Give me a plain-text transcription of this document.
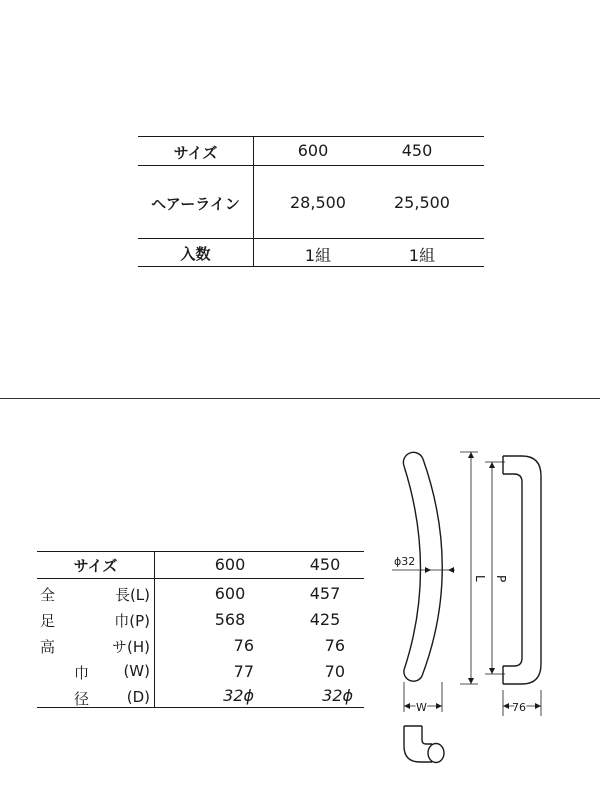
サイズ	600	450
ヘアーライン	28,500	25,500
入数	1組	1組
サイズ	600	450
全	長(L)	600	457
足	巾(P)	568	425
高	サ(H)	76	76
巾	(W)	77	70
径	(D)	32ϕ	32ϕ
ϕ32
W
L P
76
